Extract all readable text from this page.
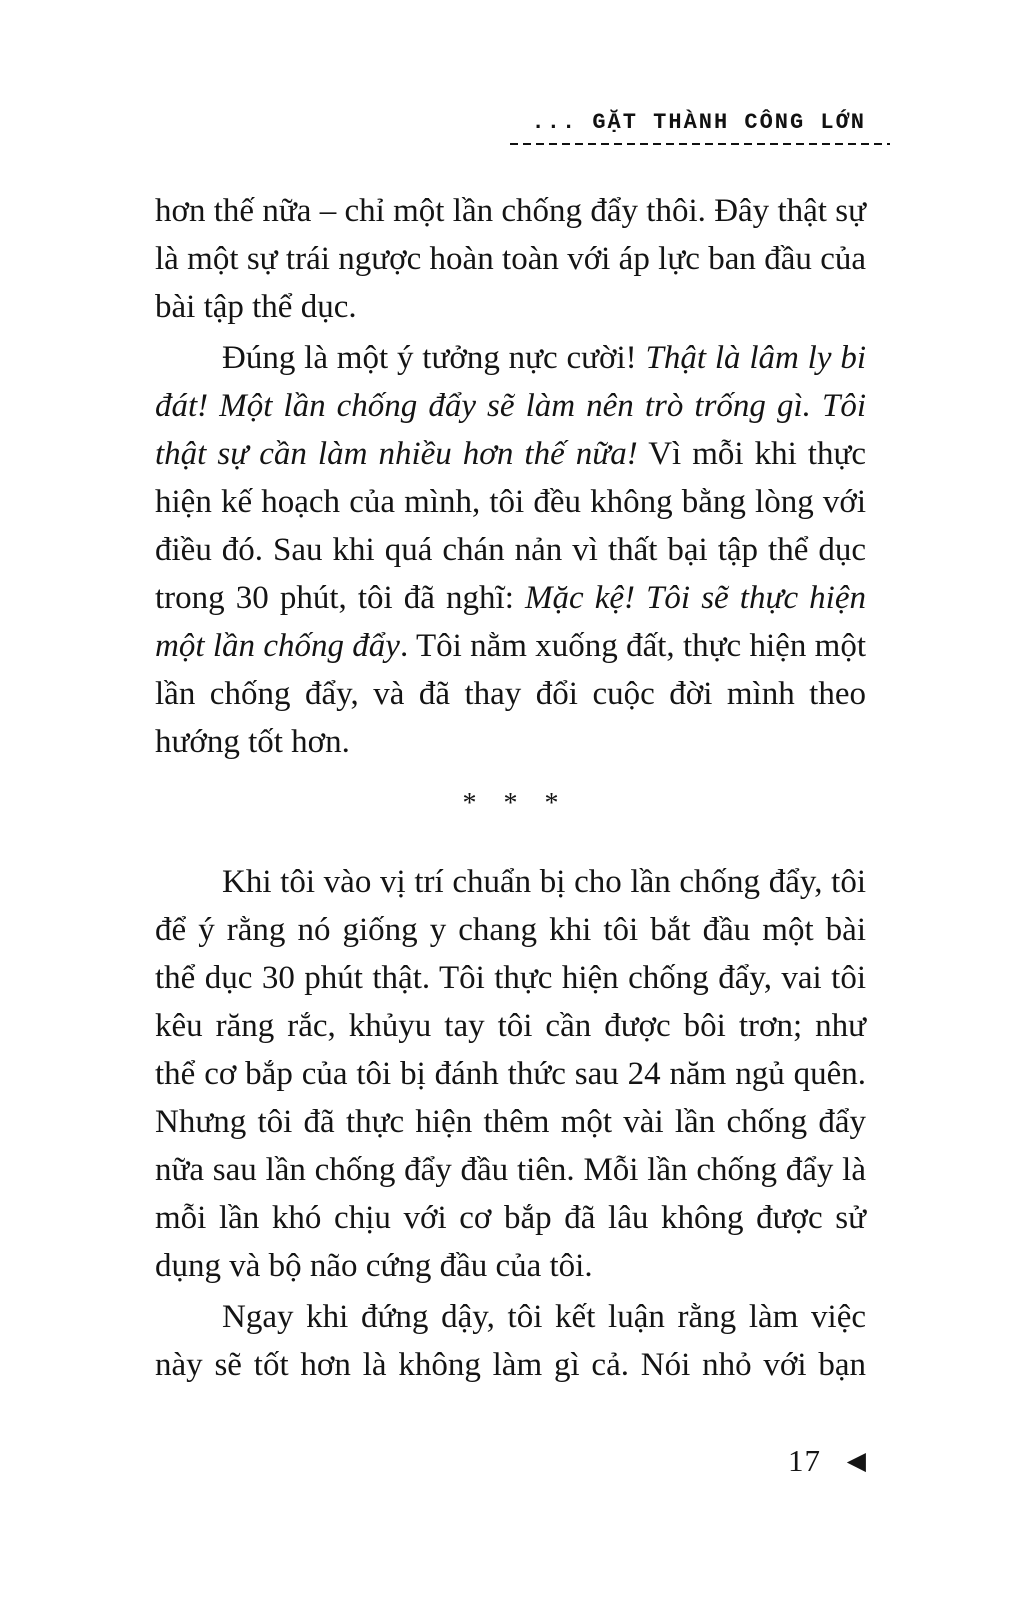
... GẶT THÀNH CÔNG LỚN

hơn thế nữa – chỉ một lần chống đẩy thôi. Đây thật sự là một sự trái ngược hoàn toàn với áp lực ban đầu của bài tập thể dục.

Đúng là một ý tưởng nực cười! Thật là lâm ly bi đát! Một lần chống đẩy sẽ làm nên trò trống gì. Tôi thật sự cần làm nhiều hơn thế nữa! Vì mỗi khi thực hiện kế hoạch của mình, tôi đều không bằng lòng với điều đó. Sau khi quá chán nản vì thất bại tập thể dục trong 30 phút, tôi đã nghĩ: Mặc kệ! Tôi sẽ thực hiện một lần chống đẩy. Tôi nằm xuống đất, thực hiện một lần chống đẩy, và đã thay đổi cuộc đời mình theo hướng tốt hơn.

* * *

Khi tôi vào vị trí chuẩn bị cho lần chống đẩy, tôi để ý rằng nó giống y chang khi tôi bắt đầu một bài thể dục 30 phút thật. Tôi thực hiện chống đẩy, vai tôi kêu răng rắc, khủyu tay tôi cần được bôi trơn; như thể cơ bắp của tôi bị đánh thức sau 24 năm ngủ quên. Nhưng tôi đã thực hiện thêm một vài lần chống đẩy nữa sau lần chống đẩy đầu tiên. Mỗi lần chống đẩy là mỗi lần khó chịu với cơ bắp đã lâu không được sử dụng và bộ não cứng đầu của tôi.

Ngay khi đứng dậy, tôi kết luận rằng làm việc này sẽ tốt hơn là không làm gì cả. Nói nhỏ với bạn

17 ◀
